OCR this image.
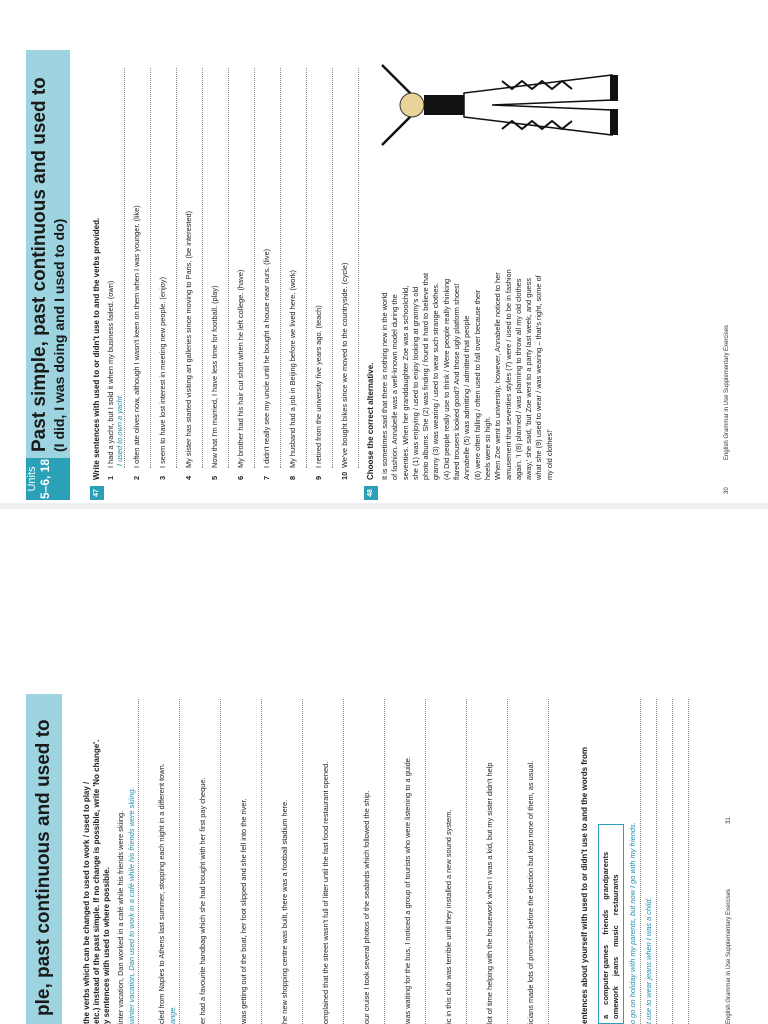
Units 5–6, 18
Past simple, past continuous and used to (I did, I was doing and I used to do)
47
Write sentences with used to or didn't use to and the verbs provided. 1I had a yacht, but I sold it when my business failed. (own) I used to own a yacht.
2I often ate olives now, although I wasn't keen on them when I was younger. (like)
3I seem to have lost interest in meeting new people. (enjoy)
4My sister has started visiting art galleries since moving to Paris. (be interested)
5Now that I'm married, I have less time for football. (play)
6My brother had his hair cut short when he left college. (have)
7I didn't really see my uncle until he bought a house near ours. (live)
8My husband had a job in Beijing before we lived here. (work)
9I retired from the university five years ago. (teach)
10We've bought bikes since we moved to the countryside. (cycle)
48
Choose the correct alternative. It is sometimes said that there is nothing new in the world of fashion. Annabelle was a well-known model during the seventies. When her granddaughter Zoe was a schoolchild, she (1) was enjoying / used to enjoy looking at granny's old photo albums. She (2) was finding / found it hard to believe that granny (3) was wearing / used to wear such strange clothes. (4) Did people really use to think / Were people really thinking flared trousers looked good? And those ugly platform shoes! Annabelle (5) was admitting / admitted that people (6) were often falling / often used to fall over because their heels were so high. When Zoe went to university, however, Annabelle noticed to her amusement that seventies styles (7) were / used to be in fashion again. 'I (8) planned / was planning to throw all my old clothes away,' she said, 'but Zoe went to a party last week, and guess what she (9) used to wear / was wearing – that's right, some of my old clothes!'
30
English Grammar in Use Supplementary Exercises
ple, past continuous and used to	the verbs which can be changed to used to work / used to play / etc.) instead of the past simple. If no change is possible, write 'No change'. y sentences with used to where possible. inter vacation, Dan worked in a café while his friends were skiing. winter vacation, Dan used to work in a café while his friends were skiing.	cled from Naples to Athens last summer, stopping each night in a different town. ange.	er had a favourite handbag which she had bought with her first pay cheque.	was getting out of the boat, her foot slipped and she fell into the river.	he new shopping centre was built, there was a football stadium here.	omplained that the street wasn't full of litter until the fast food restaurant opened.	our cruise I took several photos of the seabirds which followed the ship.	was waiting for the bus, I noticed a group of tourists who were listening to a guide.	ic in this club was terrible until they installed a new sound system.	lot of time helping with the housework when I was a kid, but my sister didn't help	icians made lots of promises before the election but kept none of them, as usual.	entences about yourself with used to or didn't use to and the words from acomputer gamesfriendsgrandparents
omeworkjeansmusicrestaurants o go on holiday with my parents, but now I go with my friends. t use to wear jeans when I was a child.	English Grammar in Use Supplementary Exercises
31
